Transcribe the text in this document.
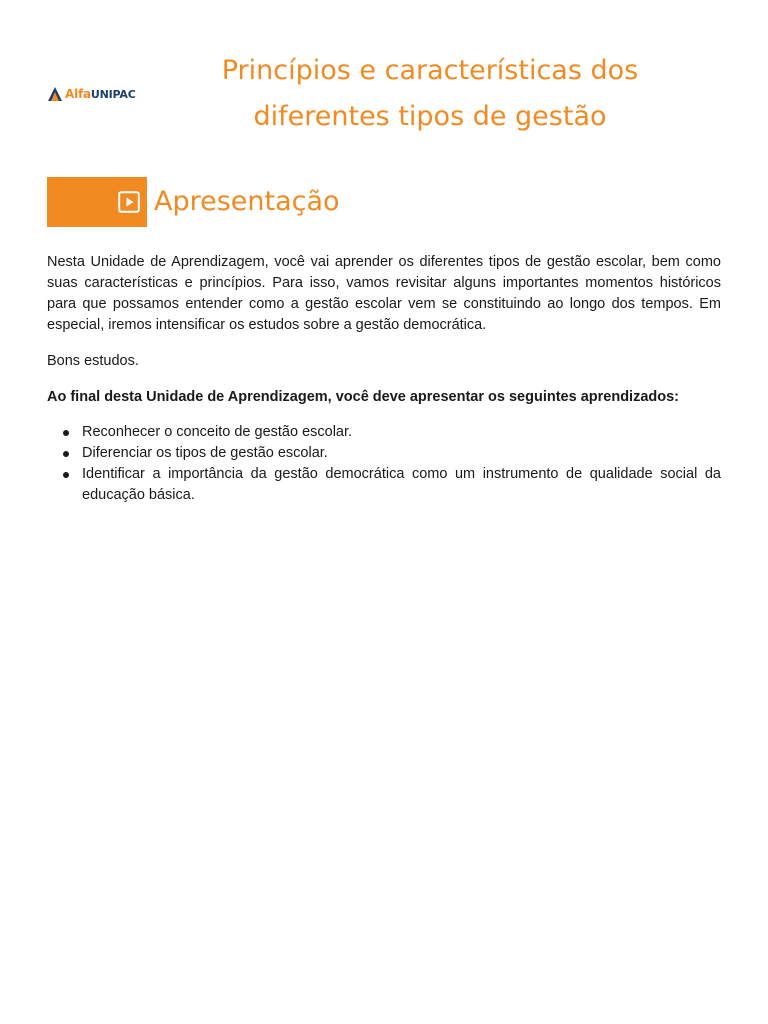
AlfaUNIPAC
Princípios e características dos
diferentes tipos de gestão
Apresentação

Nesta Unidade de Aprendizagem, você vai aprender os diferentes tipos de gestão escolar, bem como suas características e princípios. Para isso, vamos revisitar alguns importantes momentos históricos para que possamos entender como a gestão escolar vem se constituindo ao longo dos tempos. Em especial, iremos intensificar os estudos sobre a gestão democrática.

Bons estudos.

Ao final desta Unidade de Aprendizagem, você deve apresentar os seguintes aprendizados:

Reconhecer o conceito de gestão escolar.
Diferenciar os tipos de gestão escolar.
Identificar a importância da gestão democrática como um instrumento de qualidade social da educação básica.
